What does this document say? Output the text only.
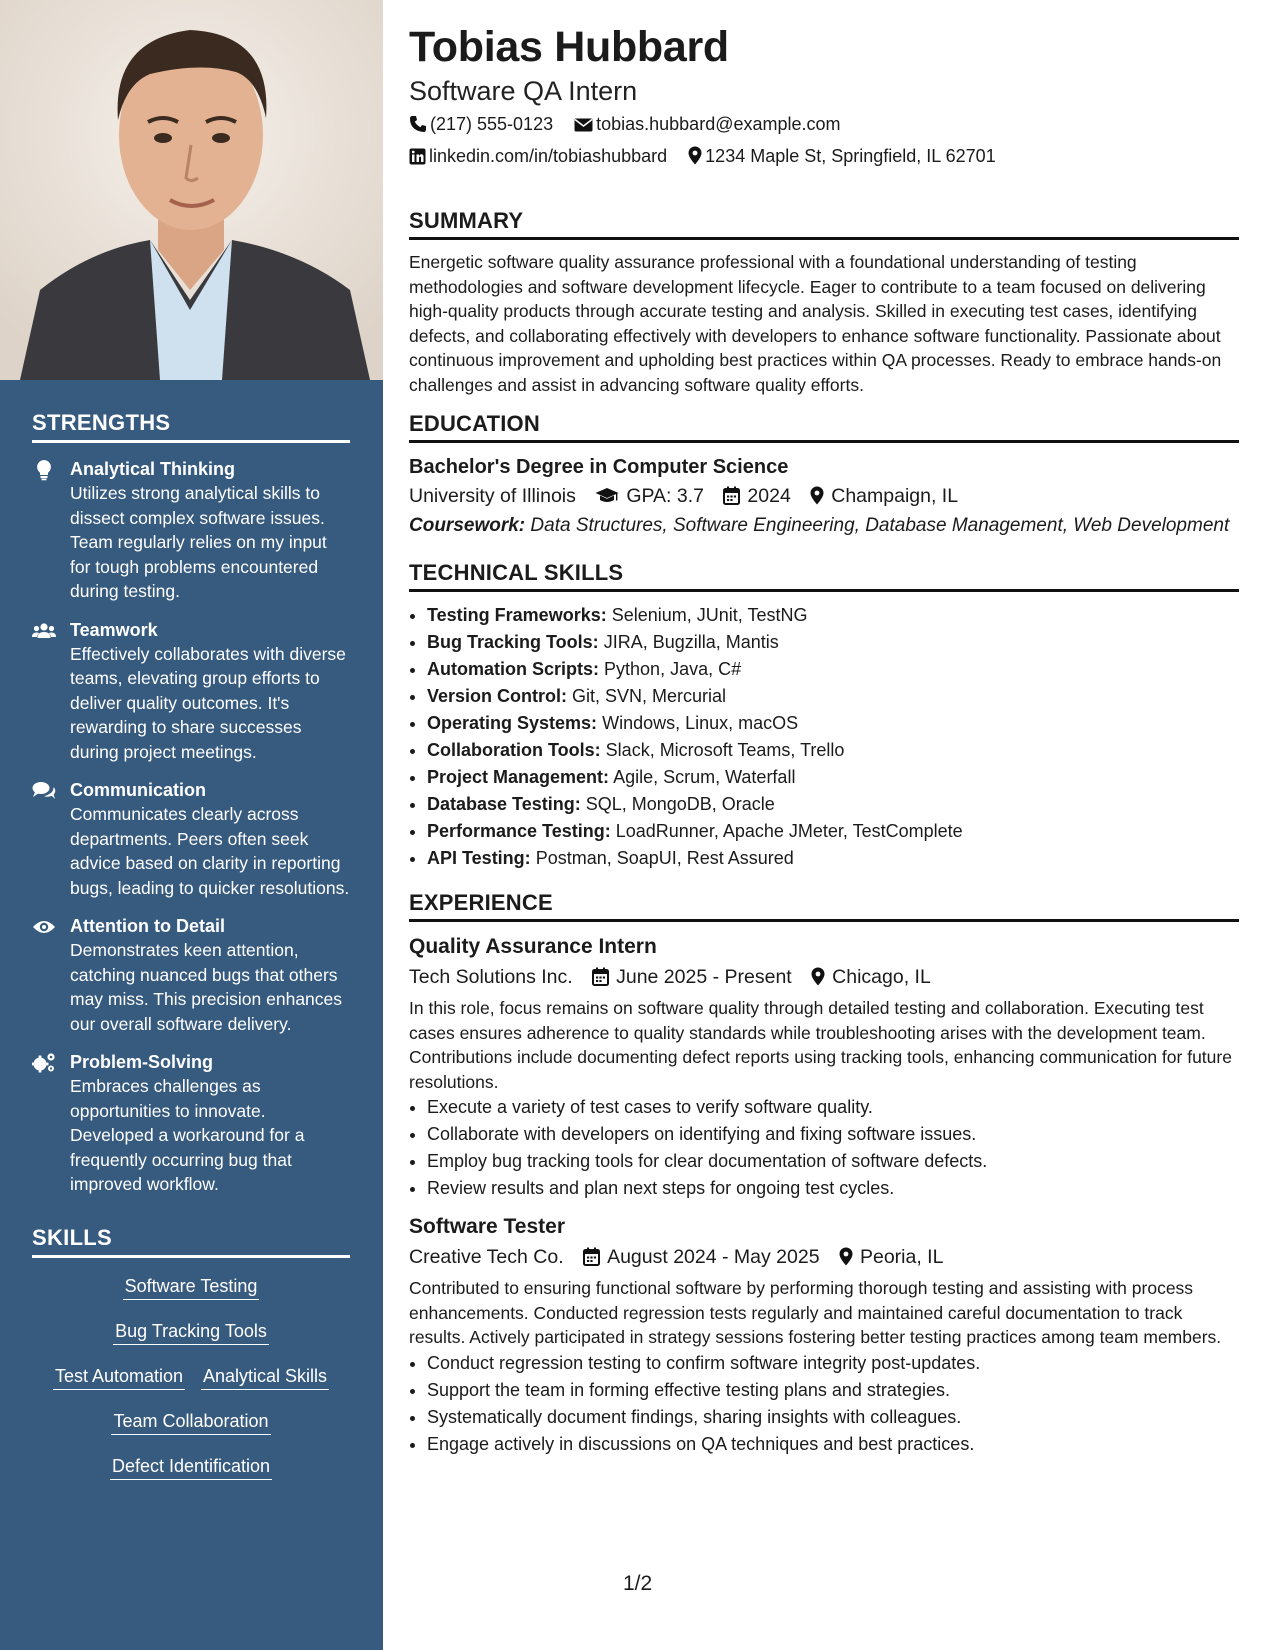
STRENGTHS
Analytical Thinking
Utilizes strong analytical skills to dissect complex software issues. Team regularly relies on my input for tough problems encountered during testing.
Teamwork
Effectively collaborates with diverse teams, elevating group efforts to deliver quality outcomes. It's rewarding to share successes during project meetings.
Communication
Communicates clearly across departments. Peers often seek advice based on clarity in reporting bugs, leading to quicker resolutions.
Attention to Detail
Demonstrates keen attention, catching nuanced bugs that others may miss. This precision enhances our overall software delivery.
Problem-Solving
Embraces challenges as opportunities to innovate. Developed a workaround for a frequently occurring bug that improved workflow.
SKILLS
Software Testing
Bug Tracking Tools
Test Automation Analytical Skills
Team Collaboration
Defect Identification
Tobias Hubbard
Software QA Intern
(217) 555-0123 tobias.hubbard@example.com
linkedin.com/in/tobiashubbard 1234 Maple St, Springfield, IL 62701
SUMMARY
Energetic software quality assurance professional with a foundational understanding of testing methodologies and software development lifecycle. Eager to contribute to a team focused on delivering high-quality products through accurate testing and analysis. Skilled in executing test cases, identifying defects, and collaborating effectively with developers to enhance software functionality. Passionate about continuous improvement and upholding best practices within QA processes. Ready to embrace hands-on challenges and assist in advancing software quality efforts.
EDUCATION
Bachelor's Degree in Computer Science
University of Illinois	GPA: 3.7 2024 Champaign, IL
Coursework: Data Structures, Software Engineering, Database Management, Web Development
TECHNICAL SKILLS
• Testing Frameworks: Selenium, JUnit, TestNG
• Bug Tracking Tools: JIRA, Bugzilla, Mantis
• Automation Scripts: Python, Java, C#
• Version Control: Git, SVN, Mercurial
• Operating Systems: Windows, Linux, macOS
• Collaboration Tools: Slack, Microsoft Teams, Trello
• Project Management: Agile, Scrum, Waterfall
• Database Testing: SQL, MongoDB, Oracle
• Performance Testing: LoadRunner, Apache JMeter, TestComplete
• API Testing: Postman, SoapUI, Rest Assured
EXPERIENCE
Quality Assurance Intern
Tech Solutions Inc. June 2025 - Present Chicago, IL
In this role, focus remains on software quality through detailed testing and collaboration. Executing test cases ensures adherence to quality standards while troubleshooting arises with the development team. Contributions include documenting defect reports using tracking tools, enhancing communication for future resolutions.
• Execute a variety of test cases to verify software quality.
• Collaborate with developers on identifying and fixing software issues.
• Employ bug tracking tools for clear documentation of software defects.
• Review results and plan next steps for ongoing test cycles.
Software Tester
Creative Tech Co. August 2024 - May 2025 Peoria, IL
Contributed to ensuring functional software by performing thorough testing and assisting with process enhancements. Conducted regression tests regularly and maintained careful documentation to track results. Actively participated in strategy sessions fostering better testing practices among team members.
• Conduct regression testing to confirm software integrity post-updates.
• Support the team in forming effective testing plans and strategies.
• Systematically document findings, sharing insights with colleagues.
• Engage actively in discussions on QA techniques and best practices.
1/2
